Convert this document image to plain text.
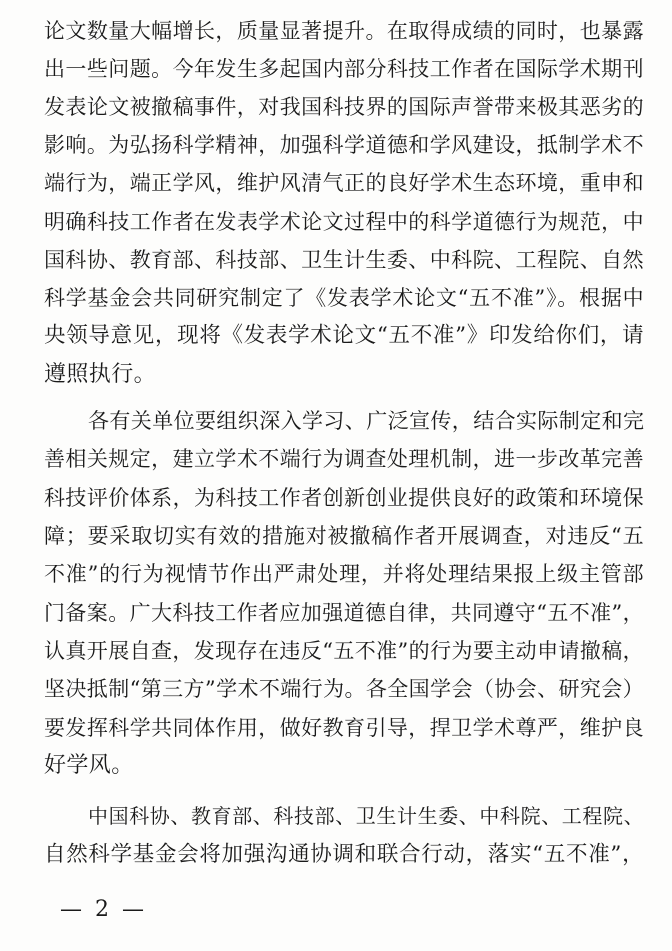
论文数量大幅增长，质量显著提升。在取得成绩的同时，也暴露
出一些问题。今年发生多起国内部分科技工作者在国际学术期刊
发表论文被撤稿事件，对我国科技界的国际声誉带来极其恶劣的
影响。为弘扬科学精神，加强科学道德和学风建设，抵制学术不
端行为，端正学风，维护风清气正的良好学术生态环境，重申和
明确科技工作者在发表学术论文过程中的科学道德行为规范，中
国科协、教育部、科技部、卫生计生委、中科院、工程院、自然
科学基金会共同研究制定了《发表学术论文“五不准”》。根据中
央领导意见，现将《发表学术论文“五不准”》印发给你们，请
遵照执行。
各有关单位要组织深入学习、广泛宣传，结合实际制定和完
善相关规定，建立学术不端行为调查处理机制，进一步改革完善
科技评价体系，为科技工作者创新创业提供良好的政策和环境保
障；要采取切实有效的措施对被撤稿作者开展调查，对违反“五
不准”的行为视情节作出严肃处理，并将处理结果报上级主管部
门备案。广大科技工作者应加强道德自律，共同遵守“五不准”，
认真开展自查，发现存在违反“五不准”的行为要主动申请撤稿，
坚决抵制“第三方”学术不端行为。各全国学会（协会、研究会）
要发挥科学共同体作用，做好教育引导，捍卫学术尊严，维护良
好学风。
中国科协、教育部、科技部、卫生计生委、中科院、工程院、
自然科学基金会将加强沟通协调和联合行动，落实“五不准”，
— 2 —
